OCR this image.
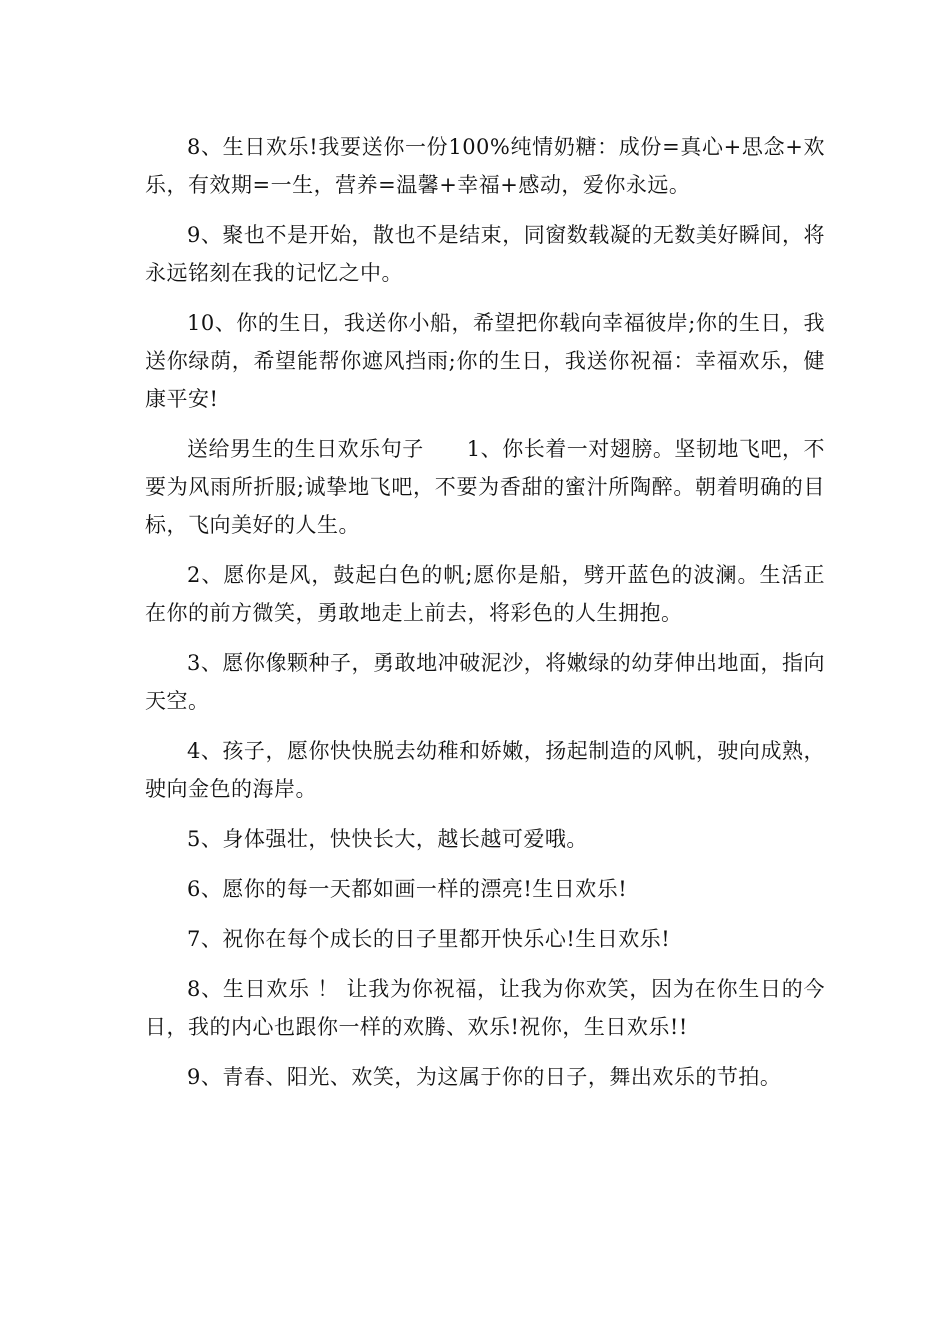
8、生日欢乐!我要送你一份100%纯情奶糖：成份=真心+思念+欢乐，有效期=一生，营养=温馨+幸福+感动，爱你永远。

9、聚也不是开始，散也不是结束，同窗数载凝的无数美好瞬间，将永远铭刻在我的记忆之中。

10、你的生日，我送你小船，希望把你载向幸福彼岸;你的生日，我送你绿荫，希望能帮你遮风挡雨;你的生日，我送你祝福：幸福欢乐，健康平安!

送给男生的生日欢乐句子　　1、你长着一对翅膀。坚韧地飞吧，不要为风雨所折服;诚挚地飞吧，不要为香甜的蜜汁所陶醉。朝着明确的目标，飞向美好的人生。

2、愿你是风，鼓起白色的帆;愿你是船，劈开蓝色的波澜。生活正在你的前方微笑，勇敢地走上前去，将彩色的人生拥抱。

3、愿你像颗种子，勇敢地冲破泥沙，将嫩绿的幼芽伸出地面，指向天空。

4、孩子，愿你快快脱去幼稚和娇嫩，扬起制造的风帆，驶向成熟，驶向金色的海岸。

5、身体强壮，快快长大，越长越可爱哦。

6、愿你的每一天都如画一样的漂亮!生日欢乐!

7、祝你在每个成长的日子里都开快乐心!生日欢乐!

8、生日欢乐 ！ 让我为你祝福，让我为你欢笑，因为在你生日的今日，我的内心也跟你一样的欢腾、欢乐!祝你，生日欢乐!!

9、青春、阳光、欢笑，为这属于你的日子，舞出欢乐的节拍。
